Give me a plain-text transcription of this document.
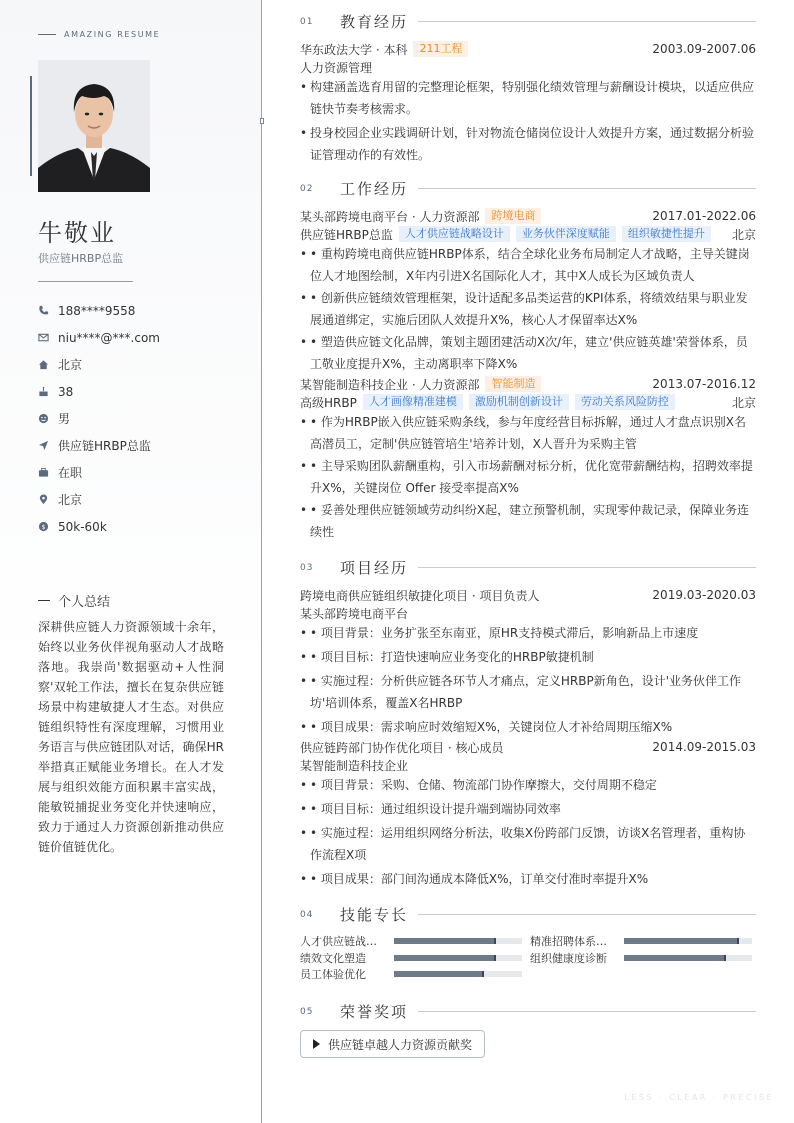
AMAZING RESUME
牛敬业
供应链HRBP总监
188****9558
niu****@***.com
北京
38
男
供应链HRBP总监
在职
北京
$ 50k-60k
个人总结
深耕供应链人力资源领域十余年，始终以业务伙伴视角驱动人才战略落地。我崇尚'数据驱动+人性洞察'双轮工作法，擅长在复杂供应链场景中构建敏捷人才生态。对供应链组织特性有深度理解，习惯用业务语言与供应链团队对话，确保HR举措真正赋能业务增长。在人才发展与组织效能方面积累丰富实战，能敏锐捕捉业务变化并快速响应，致力于通过人力资源创新推动供应链价值链优化。
01	教育经历
华东政法大学 · 本科	211工程	2003.09-2007.06
人力资源管理
• 构建涵盖选育用留的完整理论框架，特别强化绩效管理与薪酬设计模块，以适应供应链快节奏考核需求。
• 投身校园企业实践调研计划，针对物流仓储岗位设计人效提升方案，通过数据分析验证管理动作的有效性。
02	工作经历
某头部跨境电商平台 · 人力资源部	跨境电商	2017.01-2022.06
供应链HRBP总监	人才供应链战略设计	业务伙伴深度赋能	组织敏捷性提升	北京
• • 重构跨境电商供应链HRBP体系，结合全球化业务布局制定人才战略，主导关键岗位人才地图绘制，X年内引进X名国际化人才，其中X人成长为区域负责人
• • 创新供应链绩效管理框架，设计适配多品类运营的KPI体系，将绩效结果与职业发展通道绑定，实施后团队人效提升X%，核心人才保留率达X%
• • 塑造供应链文化品牌，策划主题团建活动X次/年，建立'供应链英雄'荣誉体系，员工敬业度提升X%，主动离职率下降X%
某智能制造科技企业 · 人力资源部	智能制造	2013.07-2016.12
高级HRBP	人才画像精准建模	激励机制创新设计	劳动关系风险防控	北京
• • 作为HRBP嵌入供应链采购条线，参与年度经营目标拆解，通过人才盘点识别X名高潜员工，定制'供应链管培生'培养计划，X人晋升为采购主管
• • 主导采购团队薪酬重构，引入市场薪酬对标分析，优化宽带薪酬结构，招聘效率提升X%，关键岗位 Offer 接受率提高X%
• • 妥善处理供应链领域劳动纠纷X起，建立预警机制，实现零仲裁记录，保障业务连续性
03	项目经历
跨境电商供应链组织敏捷化项目 · 项目负责人	2019.03-2020.03
某头部跨境电商平台
• • 项目背景：业务扩张至东南亚，原HR支持模式滞后，影响新品上市速度
• • 项目目标：打造快速响应业务变化的HRBP敏捷机制
• • 实施过程：分析供应链各环节人才痛点，定义HRBP新角色，设计'业务伙伴工作坊'培训体系，覆盖X名HRBP
• • 项目成果：需求响应时效缩短X%，关键岗位人才补给周期压缩X%
供应链跨部门协作优化项目 · 核心成员	2014.09-2015.03
某智能制造科技企业
• • 项目背景：采购、仓储、物流部门协作摩擦大，交付周期不稳定
• • 项目目标：通过组织设计提升端到端协同效率
• • 实施过程：运用组织网络分析法，收集X份跨部门反馈，访谈X名管理者，重构协作流程X项
• • 项目成果：部门间沟通成本降低X%，订单交付准时率提升X%
04	技能专长
人才供应链战…	精准招聘体系…
绩效文化塑造	组织健康度诊断
员工体验优化
05	荣誉奖项
供应链卓越人力资源贡献奖
LESS · CLEAR · PRECISE
